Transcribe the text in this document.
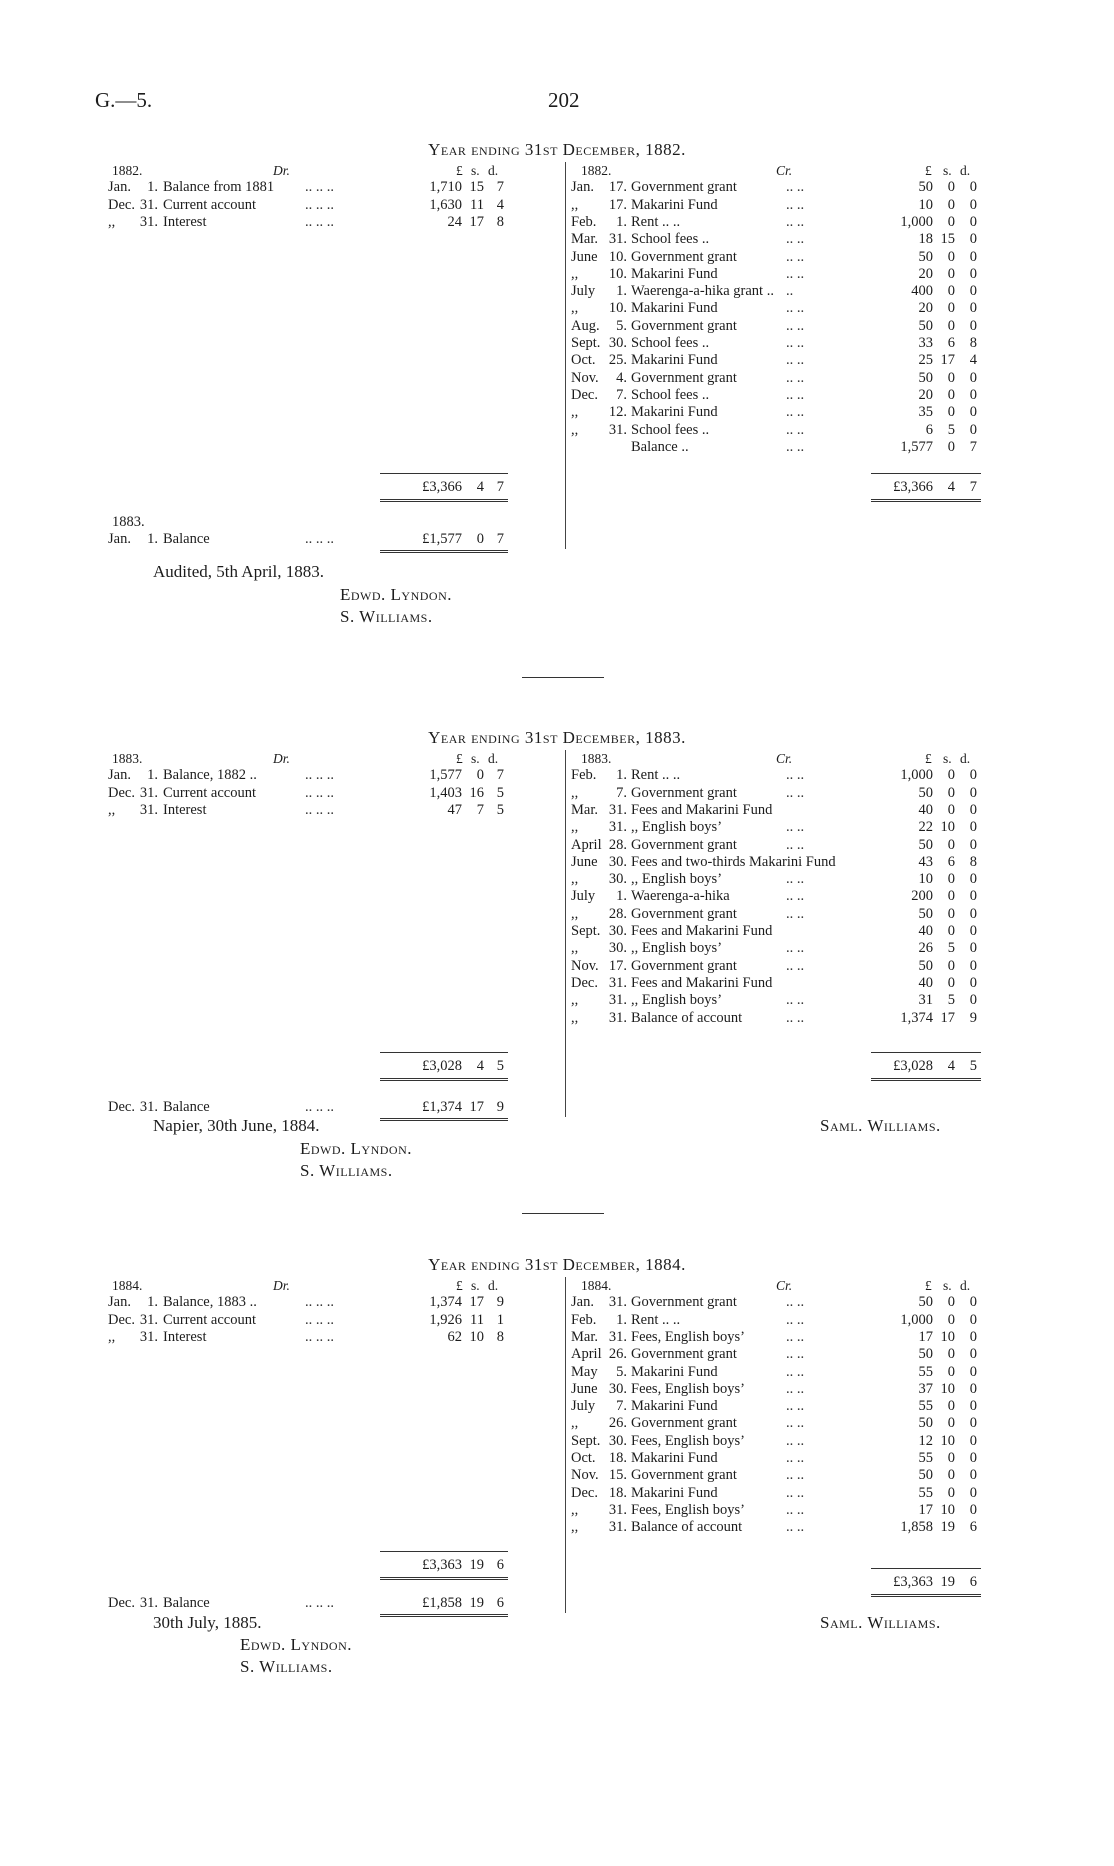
G.—5.	202
Year ending 31st December, 1882.
1882.	Dr.	£ s. d.
Jan.	1. Balance from 1881	.. .. ..	1,710 15 7
Dec. 31. Current account	.. .. ..	1,630 11 4
,,	31. Interest	.. .. ..	24 17 8
£3,366	4 7
1883.
Jan.	1. Balance	.. .. ..	£1,577	0 7
1882.	Cr.	£ s. d.
Jan.	17. Government grant	.. ..	50	0	0
,,	17. Makarini Fund	.. ..	10	0	0
Feb.	1. Rent .. ..	.. ..	1,000	0	0
Mar. 31. School fees ..	.. ..	18 15	0
June 10. Government grant	.. ..	50	0	0
,,	10. Makarini Fund	.. ..	20	0	0
July	1. Waerenga-a-hika grant .. ..	400	0	0
,,	10. Makarini Fund	.. ..	20	0	0
Aug.	5. Government grant	.. ..	50	0	0
Sept. 30. School fees ..	.. ..	33	6	8
Oct. 25. Makarini Fund	.. ..	25 17	4
Nov.	4. Government grant	.. ..	50	0	0
Dec.	7. School fees ..	.. ..	20	0	0
,,	12. Makarini Fund	.. ..	35	0	0
,,	31. School fees ..	.. ..	6	5	0
Balance ..	.. ..	1,577	0	7
£3,366	4	7
Audited, 5th April, 1883.
Edwd. Lyndon.
S. Williams.
Year ending 31st December, 1883.
1883.	Dr.	£ s. d.
Jan.	1. Balance, 1882 ..	.. .. ..	1,577	0 7
Dec. 31. Current account	.. .. ..	1,403 16 5
,,	31. Interest	.. .. ..	47	7 5
£3,028	4 5
Dec. 31. Balance	.. .. ..	£1,374 17 9
1883.	Cr.	£ s. d.
Feb.	1. Rent .. ..	.. ..	1,000	0	0
,,	7. Government grant	.. ..	50	0	0
Mar. 31. Fees and Makarini Fund	40	0	0
,,	31. ,, English boys’	.. ..	22 10	0
April 28. Government grant	.. ..	50	0	0
June 30. Fees and two-thirds Makarini Fund	43	6	8
,,	30. ,, English boys’	.. ..	10	0	0
July	1. Waerenga-a-hika	.. ..	200	0	0
,,	28. Government grant	.. ..	50	0	0
Sept. 30. Fees and Makarini Fund	40	0	0
,,	30. ,, English boys’	.. ..	26	5	0
Nov. 17. Government grant	.. ..	50	0	0
Dec. 31. Fees and Makarini Fund	40	0	0
,,	31. ,, English boys’	.. ..	31	5	0
,,	31. Balance of account	.. ..	1,374 17	9
£3,028	4	5
Napier, 30th June, 1884.
Edwd. Lyndon.
S. Williams.
Saml. Williams.
Year ending 31st December, 1884.
1884.	Dr.	£ s. d.
Jan.	1. Balance, 1883 ..	.. .. ..	1,374 17 9
Dec. 31. Current account	.. .. ..	1,926 11 1
,,	31. Interest	.. .. ..	62 10 8
£3,363 19 6
Dec. 31. Balance	.. .. ..	£1,858 19 6
1884.	Cr.	£ s. d.
Jan.	31. Government grant	.. ..	50	0	0
Feb.	1. Rent .. ..	.. ..	1,000	0	0
Mar. 31. Fees, English boys’	.. ..	17 10	0
April 26. Government grant	.. ..	50	0	0
May	5. Makarini Fund	.. ..	55	0	0
June 30. Fees, English boys’	.. ..	37 10	0
July	7. Makarini Fund	.. ..	55	0	0
,,	26. Government grant	.. ..	50	0	0
Sept. 30. Fees, English boys’	.. ..	12 10	0
Oct. 18. Makarini Fund	.. ..	55	0	0
Nov. 15. Government grant	.. ..	50	0	0
Dec. 18. Makarini Fund	.. ..	55	0	0
,,	31. Fees, English boys’	.. ..	17 10	0
,,	31. Balance of account	.. ..	1,858 19	6
£3,363 19	6
30th July, 1885.
Edwd. Lyndon.
S. Williams.
Saml. Williams.
